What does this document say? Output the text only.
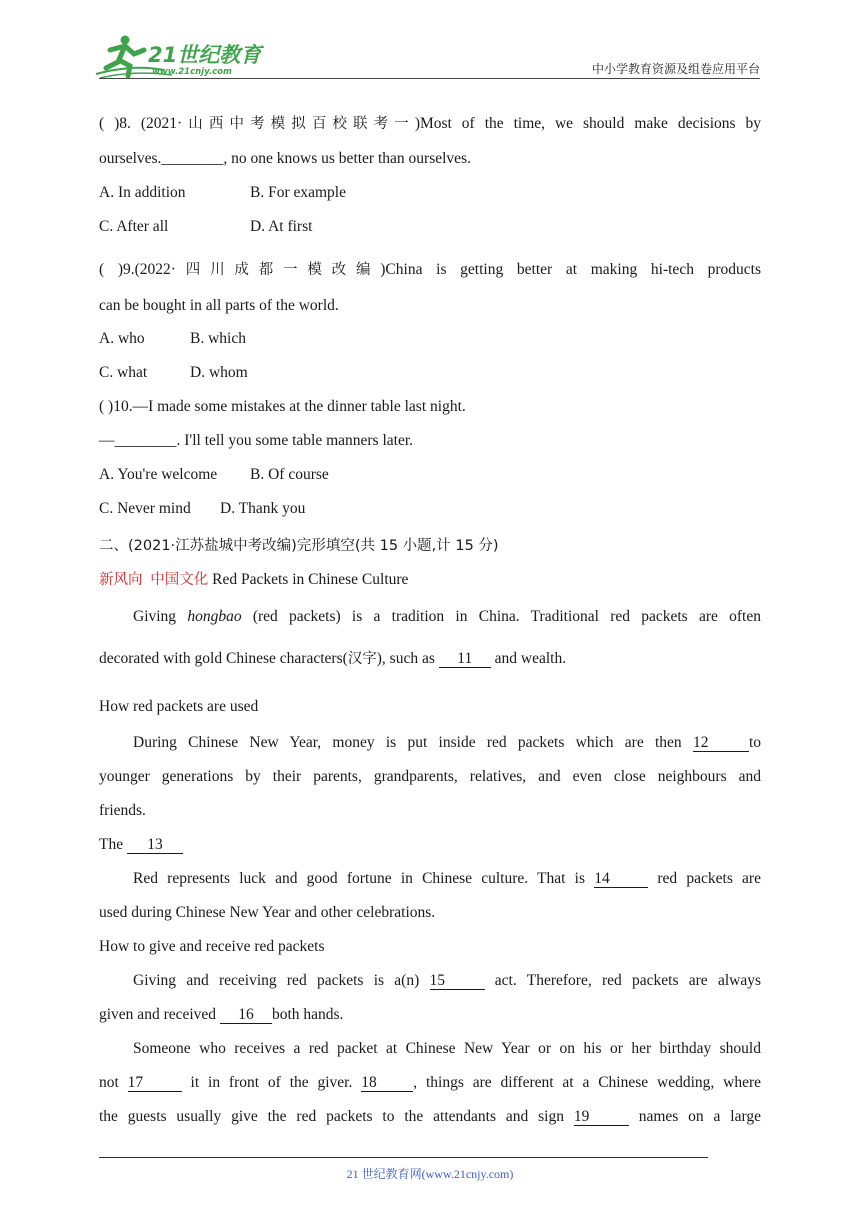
21世纪教育
www.21cnjy.com	中小学教育资源及组卷应用平台
( )8. (2021·山西中考模拟百校联考一)Most of the time, we should make decisions by
ourselves.________, no one knows us better than ourselves.
A. In addition	B. For example
C. After all	D. At first
( )9.(2022·四川成都一模改编)China is getting better at making hi-tech products
can be bought in all parts of the world.
A. who	B. which
C. what	D. whom
( )10.—I made some mistakes at the dinner table last night.
—________. I'll tell you some table manners later.
A. You're welcome B. Of course
C. Never mind D. Thank you
二、(2021·江苏盐城中考改编)完形填空(共 15 小题,计 15 分)
新风向 中国文化 Red Packets in Chinese Culture
Giving hongbao (red packets) is a tradition in China. Traditional red packets are often
decorated with gold Chinese characters(汉字), such as 11 and wealth.
How red packets are used
During Chinese New Year, money is put inside red packets which are then 12	to
younger generations by their parents, grandparents, relatives, and even close neighbours and
friends.
The 13
Red represents luck and good fortune in Chinese culture. That is 14 red packets are
used during Chinese New Year and other celebrations.
How to give and receive red packets
Giving and receiving red packets is a(n) 15	act. Therefore, red packets are always
given and received 16 both hands.
Someone who receives a red packet at Chinese New Year or on his or her birthday should
not 17 it in front of the giver. 18 , things are different at a Chinese wedding, where
the guests usually give the red packets to the attendants and sign 19	names on a large
21 世纪教育网(www.21cnjy.com)
